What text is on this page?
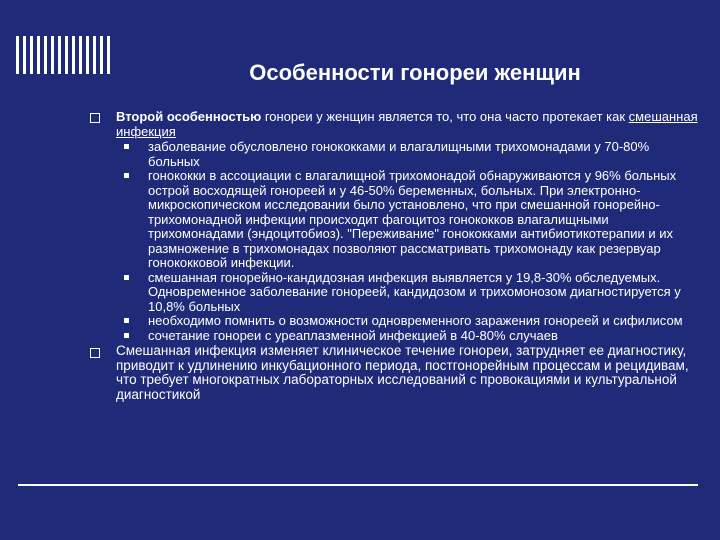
Особенности гонореи женщин
Второй особенностью гонореи у женщин является то, что она часто протекает как смешанная инфекция
заболевание обусловлено гонококками и влагалищными трихомонадами у 70-80% больных
гонококки в ассоциации с влагалищной трихомонадой обнаруживаются у 96% больных острой восходящей гонореей и у 46-50% беременных, больных. При электронно-микроскопическом исследовании было установлено, что при смешанной гонорейно-трихомонадной инфекции происходит фагоцитоз гонококков влагалищными трихомонадами (эндоцитобиоз). "Переживание" гонококками антибиотикотерапии и их размножение в трихомонадах позволяют рассматривать трихомонаду как резервуар гонококковой инфекции.
смешанная гонорейно-кандидозная инфекция выявляется у 19,8-30% обследуемых. Одновременное заболевание гонореей, кандидозом и трихомонозом диагностируется у 10,8% больных
необходимо помнить о возможности одновременного заражения гонореей и сифилисом
сочетание гонореи с уреаплазменной инфекцией в 40-80% случаев
Смешанная инфекция изменяет клиническое течение гонореи, затрудняет ее диагностику, приводит к удлинению инкубационного периода, постгонорейным процессам и рецидивам, что требует многократных лабораторных исследований с провокациями и культуральной диагностикой
